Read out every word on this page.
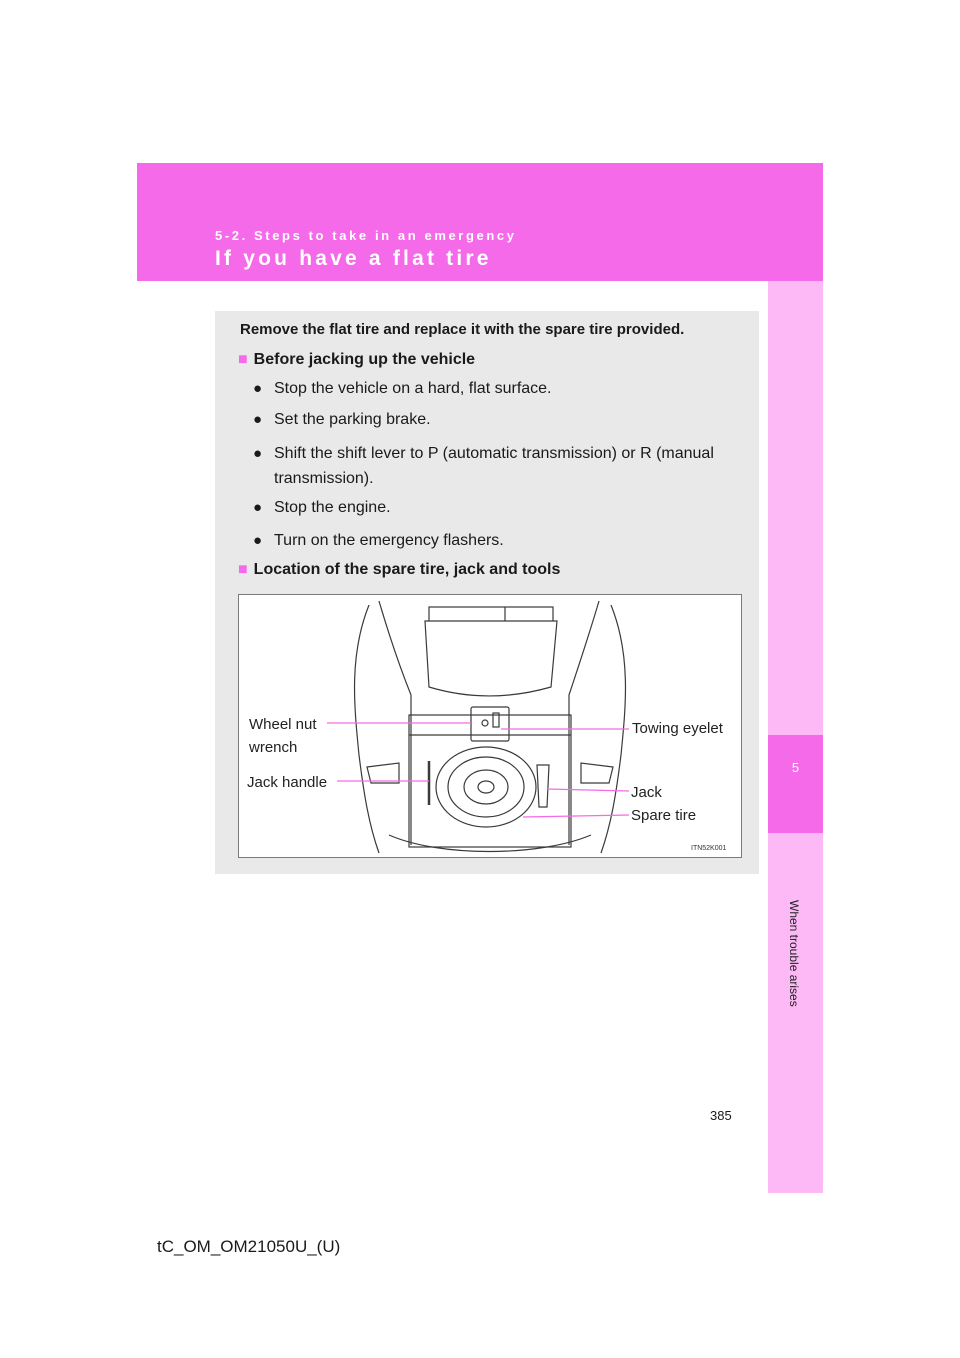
5-2. Steps to take in an emergency
If you have a flat tire
5
When trouble arises
Remove the flat tire and replace it with the spare tire provided.
■ Before jacking up the vehicle
● Stop the vehicle on a hard, flat surface.
● Set the parking brake.
● Shift the shift lever to P (automatic transmission) or R (manual transmission).
● Stop the engine.
● Turn on the emergency flashers.
■ Location of the spare tire, jack and tools
ITN52K001
Wheel nut
wrench
Jack handle
Towing eyelet
Jack
Spare tire
385
tC_OM_OM21050U_(U)
